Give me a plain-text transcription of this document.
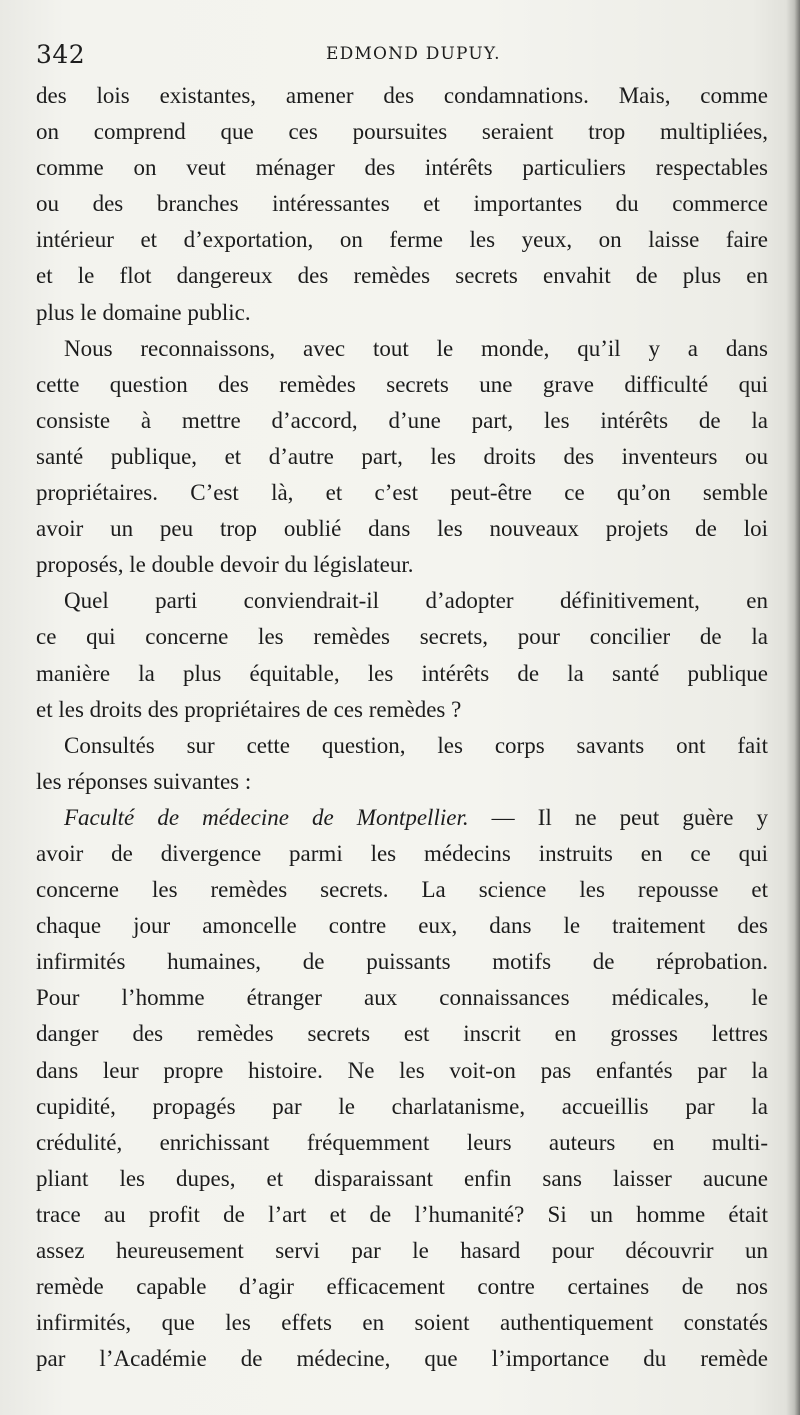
342	EDMOND DUPUY.
des lois existantes, amener des condamnations. Mais, comme
on comprend que ces poursuites seraient trop multipliées,
comme on veut ménager des intérêts particuliers respectables
ou des branches intéressantes et importantes du commerce
intérieur et d’exportation, on ferme les yeux, on laisse faire
et le flot dangereux des remèdes secrets envahit de plus en
plus le domaine public.
Nous reconnaissons, avec tout le monde, qu’il y a dans
cette question des remèdes secrets une grave difficulté qui
consiste à mettre d’accord, d’une part, les intérêts de la
santé publique, et d’autre part, les droits des inventeurs ou
propriétaires. C’est là, et c’est peut-être ce qu’on semble
avoir un peu trop oublié dans les nouveaux projets de loi
proposés, le double devoir du législateur.
Quel parti conviendrait-il d’adopter définitivement, en
ce qui concerne les remèdes secrets, pour concilier de la
manière la plus équitable, les intérêts de la santé publique
et les droits des propriétaires de ces remèdes ?
Consultés sur cette question, les corps savants ont fait
les réponses suivantes :
Faculté de médecine de Montpellier. — Il ne peut guère y
avoir de divergence parmi les médecins instruits en ce qui
concerne les remèdes secrets. La science les repousse et
chaque jour amoncelle contre eux, dans le traitement des
infirmités humaines, de puissants motifs de réprobation.
Pour l’homme étranger aux connaissances médicales, le
danger des remèdes secrets est inscrit en grosses lettres
dans leur propre histoire. Ne les voit-on pas enfantés par la
cupidité, propagés par le charlatanisme, accueillis par la
crédulité, enrichissant fréquemment leurs auteurs en multi-
pliant les dupes, et disparaissant enfin sans laisser aucune
trace au profit de l’art et de l’humanité? Si un homme était
assez heureusement servi par le hasard pour découvrir un
remède capable d’agir efficacement contre certaines de nos
infirmités, que les effets en soient authentiquement constatés
par l’Académie de médecine, que l’importance du remède
